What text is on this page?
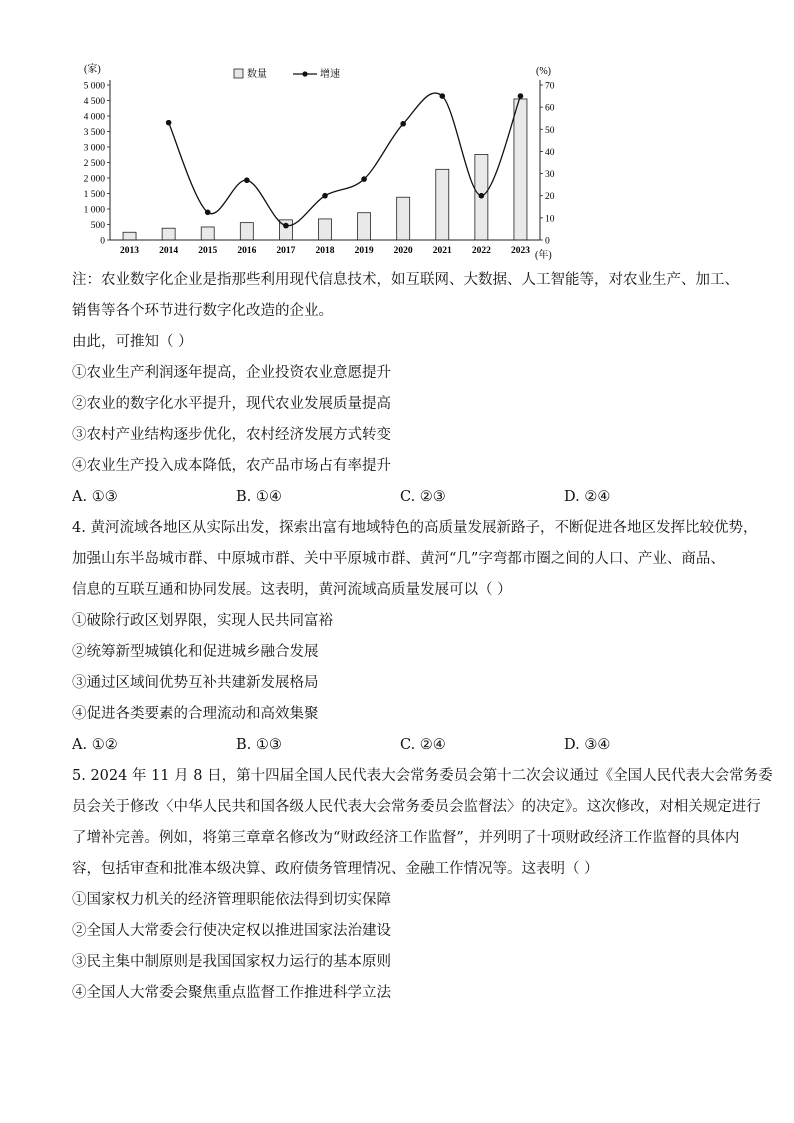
(家)	(%)
(年)
数量	增速
0
500
1 000
1 500
2 000
2 500
3 000
3 500
4 000
4 500
5 000
0
10
20
30
40
50
60
70
2013 2014 2015 2016 2017 2018 2019 2020 2021 2022 2023

注：农业数字化企业是指那些利用现代信息技术，如互联网、大数据、人工智能等，对农业生产、加工、

销售等各个环节进行数字化改造的企业。

由此，可推知（ ）

①农业生产利润逐年提高，企业投资农业意愿提升

②农业的数字化水平提升，现代农业发展质量提高

③农村产业结构逐步优化，农村经济发展方式转变

④农业生产投入成本降低，农产品市场占有率提升

A. ①③	B. ①④	C. ②③	D. ②④

4. 黄河流域各地区从实际出发，探索出富有地域特色的高质量发展新路子，不断促进各地区发挥比较优势，

加强山东半岛城市群、中原城市群、关中平原城市群、黄河“几”字弯都市圈之间的人口、产业、商品、

信息的互联互通和协同发展。这表明，黄河流域高质量发展可以（ ）

①破除行政区划界限，实现人民共同富裕

②统筹新型城镇化和促进城乡融合发展

③通过区域间优势互补共建新发展格局

④促进各类要素的合理流动和高效集聚

A. ①②	B. ①③	C. ②④	D. ③④

5. 2024 年 11 月 8 日，第十四届全国人民代表大会常务委员会第十二次会议通过《全国人民代表大会常务委

员会关于修改〈中华人民共和国各级人民代表大会常务委员会监督法〉的决定》。这次修改，对相关规定进行

了增补完善。例如，将第三章章名修改为“财政经济工作监督”，并列明了十项财政经济工作监督的具体内

容，包括审查和批准本级决算、政府债务管理情况、金融工作情况等。这表明（ ）

①国家权力机关的经济管理职能依法得到切实保障

②全国人大常委会行使决定权以推进国家法治建设

③民主集中制原则是我国国家权力运行的基本原则

④全国人大常委会聚焦重点监督工作推进科学立法
